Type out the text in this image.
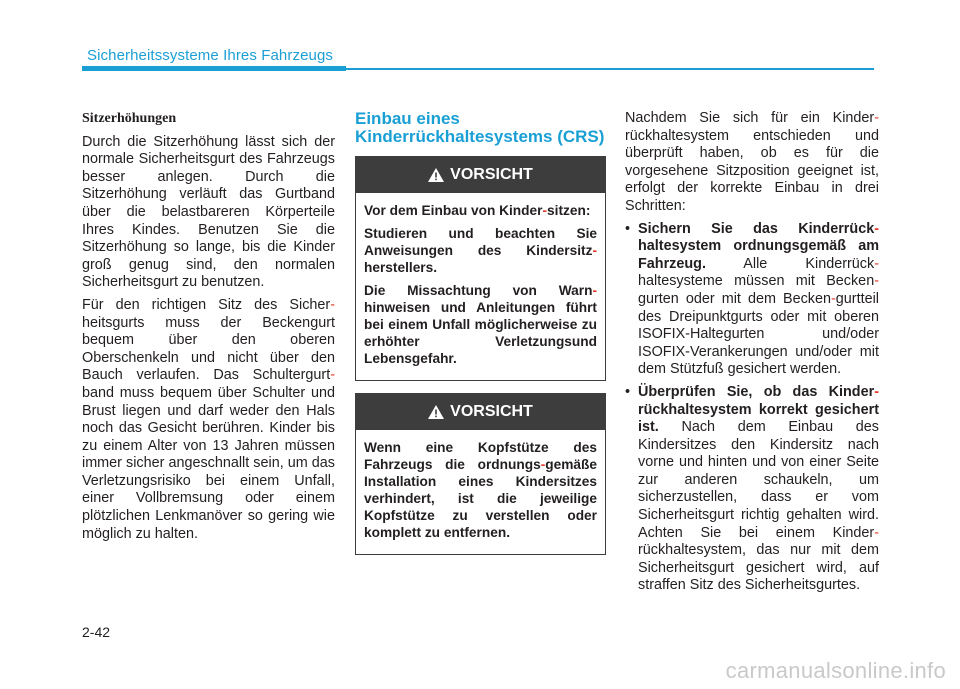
Sicherheitssysteme Ihres Fahrzeugs
Sitzerhöhungen

Durch die Sitzerhöhung lässt sich der normale Sicherheitsgurt des Fahrzeugs besser anlegen. Durch die Sitzerhöhung verläuft das Gurtband über die belastbareren Körperteile Ihres Kindes. Benutzen Sie die Sitzerhöhung so lange, bis die Kinder groß genug sind, den normalen Sicherheitsgurt zu benutzen.

Für den richtigen Sitz des Sicher-heitsgurts muss der Beckengurt bequem über den oberen Oberschenkeln und nicht über den Bauch verlaufen. Das Schultergurt-band muss bequem über Schulter und Brust liegen und darf weder den Hals noch das Gesicht berühren. Kinder bis zu einem Alter von 13 Jahren müssen immer sicher angeschnallt sein, um das Verletzungsrisiko bei einem Unfall, einer Vollbremsung oder einem plötzlichen Lenkmanöver so gering wie möglich zu halten.

Einbau eines
Kinderrückhaltesystems (CRS)
VORSICHT

Vor dem Einbau von Kinder-sitzen:

Studieren und beachten Sie Anweisungen des Kindersitz-herstellers.

Die Missachtung von Warn-hinweisen und Anleitungen führt bei einem Unfall möglicherweise zu erhöhter Verletzungsund Lebensgefahr.

VORSICHT

Wenn eine Kopfstütze des Fahrzeugs die ordnungs-gemäße Installation eines Kindersitzes verhindert, ist die jeweilige Kopfstütze zu verstellen oder komplett zu entfernen.

Nachdem Sie sich für ein Kinder-rückhaltesystem entschieden und überprüft haben, ob es für die vorgesehene Sitzposition geeignet ist, erfolgt der korrekte Einbau in drei Schritten:

• Sichern Sie das Kinderrück-haltesystem ordnungsgemäß am Fahrzeug. Alle Kinderrück-haltesysteme müssen mit Becken-gurten oder mit dem Becken-gurtteil des Dreipunktgurts oder mit oberen ISOFIX-Haltegurten und/oder ISOFIX-Verankerungen und/oder mit dem Stützfuß gesichert werden.
• Überprüfen Sie, ob das Kinder-rückhaltesystem korrekt gesichert ist. Nach dem Einbau des Kindersitzes den Kindersitz nach vorne und hinten und von einer Seite zur anderen schaukeln, um sicherzustellen, dass er vom Sicherheitsgurt richtig gehalten wird. Achten Sie bei einem Kinder-rückhaltesystem, das nur mit dem Sicherheitsgurt gesichert wird, auf straffen Sitz des Sicherheitsgurtes.
2-42
carmanualsonline.info
